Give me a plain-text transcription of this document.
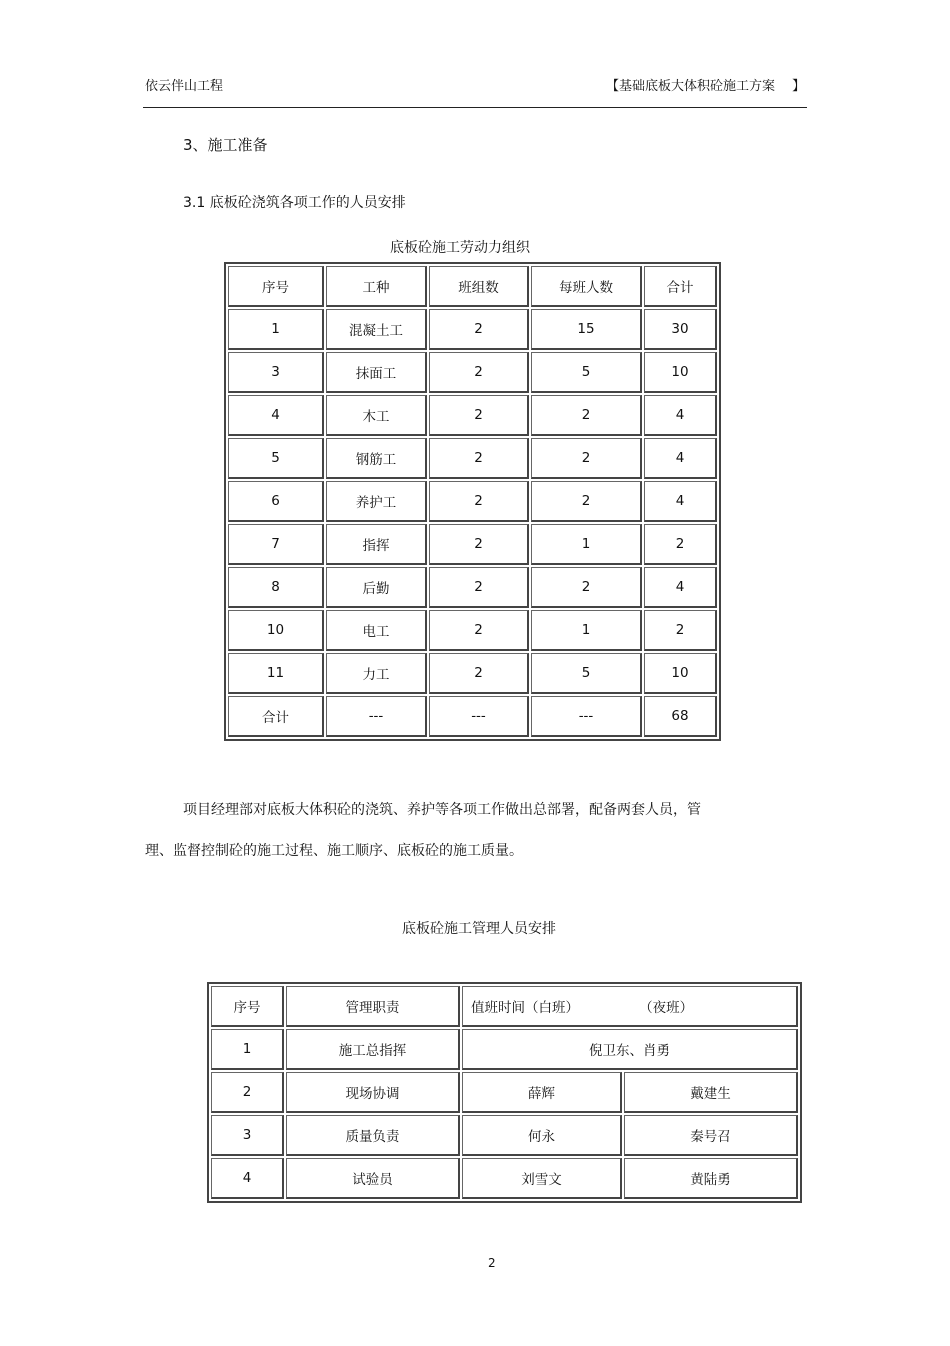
依云伴山工程	【基础底板大体积砼施工方案　 】
3、施工准备
3.1 底板砼浇筑各项工作的人员安排
底板砼施工劳动力组织
序号	工种	班组数	每班人数	合计
1	混凝土工	2	15	30
3	抹面工	2	5	10
4	木工	2	2	4
5	钢筋工	2	2	4
6	养护工	2	2	4
7	指挥	2	1	2
8	后勤	2	2	4
10	电工	2	1	2
11	力工	2	5	10
合计	---	---	---	68
项目经理部对底板大体积砼的浇筑、养护等各项工作做出总部署，配备两套人员，管
理、监督控制砼的施工过程、施工顺序、底板砼的施工质量。
底板砼施工管理人员安排
序号	管理职责	值班时间（白班）              （夜班）	
1	施工总指挥	倪卫东、肖勇	
2	现场协调	薛辉	戴建生
3	质量负责	何永	秦号召
4	试验员	刘雪文	黄陆勇
2
